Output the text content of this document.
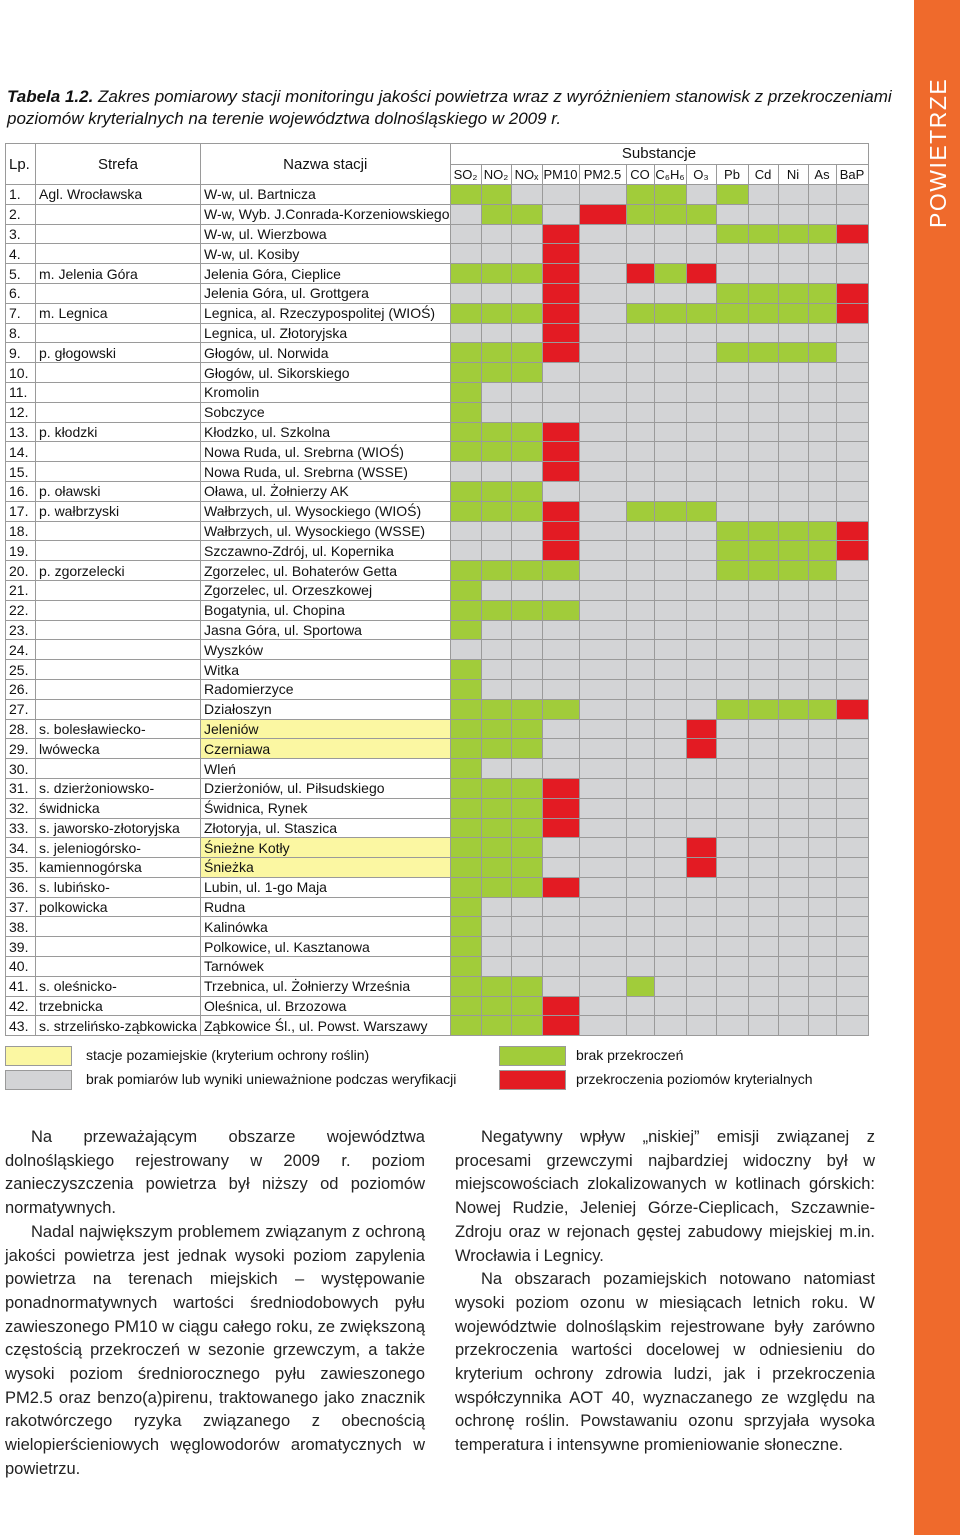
POWIETRZE
Tabela 1.2. Zakres pomiarowy stacji monitoringu jakości powietrza wraz z wyróżnieniem stanowisk z przekroczeniami poziomów kryterialnych na terenie województwa dolnośląskiego w 2009 r.
Lp.	Strefa	Nazwa stacji	Substancje												
			SO₂	NO₂	NOₓ	PM10	PM2.5	CO	C₆H₆	O₃	Pb	Cd	Ni	As	BaP
1.	Agl. Wrocławska	W-w, ul. Bartnicza													
2.		W-w, Wyb. J.Conrada-Korzeniowskiego													
3.		W-w, ul. Wierzbowa													
4.		W-w, ul. Kosiby													
5.	m. Jelenia Góra	Jelenia Góra, Cieplice													
6.		Jelenia Góra, ul. Grottgera													
7.	m. Legnica	Legnica, al. Rzeczypospolitej (WIOŚ)													
8.		Legnica, ul. Złotoryjska													
9.	p. głogowski	Głogów, ul. Norwida													
10.		Głogów, ul. Sikorskiego													
11.		Kromolin													
12.		Sobczyce													
13.	p. kłodzki	Kłodzko, ul. Szkolna													
14.		Nowa Ruda, ul. Srebrna (WIOŚ)													
15.		Nowa Ruda, ul. Srebrna (WSSE)													
16.	p. oławski	Oława, ul. Żołnierzy AK													
17.	p. wałbrzyski	Wałbrzych, ul. Wysockiego (WIOŚ)													
18.		Wałbrzych, ul. Wysockiego (WSSE)													
19.		Szczawno-Zdrój, ul. Kopernika													
20.	p. zgorzelecki	Zgorzelec, ul. Bohaterów Getta													
21.		Zgorzelec, ul. Orzeszkowej													
22.		Bogatynia, ul. Chopina													
23.		Jasna Góra, ul. Sportowa													
24.		Wyszków													
25.		Witka													
26.		Radomierzyce													
27.		Działoszyn													
28.	s. bolesławiecko-	Jeleniów													
29.	lwówecka	Czerniawa													
30.		Wleń													
31.	s. dzierżoniowsko-	Dzierżoniów, ul. Piłsudskiego													
32.	świdnicka	Świdnica, Rynek													
33.	s. jaworsko-złotoryjska	Złotoryja, ul. Staszica													
34.	s. jeleniogórsko-	Śnieżne Kotły													
35.	kamiennogórska	Śnieżka													
36.	s. lubińsko-	Lubin, ul. 1-go Maja													
37.	polkowicka	Rudna													
38.		Kalinówka													
39.		Polkowice, ul. Kasztanowa													
40.		Tarnówek													
41.	s. oleśnicko-	Trzebnica, ul. Żołnierzy Września													
42.	trzebnicka	Oleśnica, ul. Brzozowa													
43.	s. strzelińsko-ząbkowicka	Ząbkowice Śl., ul. Powst. Warszawy													
stacje pozamiejskie (kryterium ochrony roślin)
brak pomiarów lub wyniki unieważnione podczas weryfikacji
brak przekroczeń
przekroczenia poziomów kryterialnych

Na przeważającym obszarze województwa dolnośląskiego rejestrowany w 2009 r. poziom zanieczyszczenia powietrza był niższy od poziomów normatywnych.

Nadal największym problemem związanym z ochroną jakości powietrza jest jednak wysoki poziom zapylenia powietrza na terenach miejskich – występowanie ponadnormatywnych wartości średniodobowych pyłu zawieszonego PM10 w ciągu całego roku, ze zwiększoną częstością przekroczeń w sezonie grzewczym, a także wysoki poziom średniorocznego pyłu zawieszonego PM2.5 oraz benzo(a)pirenu, traktowanego jako znacznik rakotwórczego ryzyka związanego z obecnością wielopierścieniowych węglowodorów aromatycznych w powietrzu.

Negatywny wpływ „niskiej” emisji związanej z procesami grzewczymi najbardziej widoczny był w miejscowościach zlokalizowanych w kotlinach górskich: Nowej Rudzie, Jeleniej Górze-Cieplicach, Szczawnie-Zdroju oraz w rejonach gęstej zabudowy miejskiej m.in. Wrocławia i Legnicy.

Na obszarach pozamiejskich notowano natomiast wysoki poziom ozonu w miesiącach letnich roku. W województwie dolnośląskim rejestrowane były zarówno przekroczenia wartości docelowej w odniesieniu do kryterium ochrony zdrowia ludzi, jak i przekroczenia współczynnika AOT 40, wyznaczanego ze względu na ochronę roślin. Powstawaniu ozonu sprzyjała wysoka temperatura i intensywne promieniowanie słoneczne.
